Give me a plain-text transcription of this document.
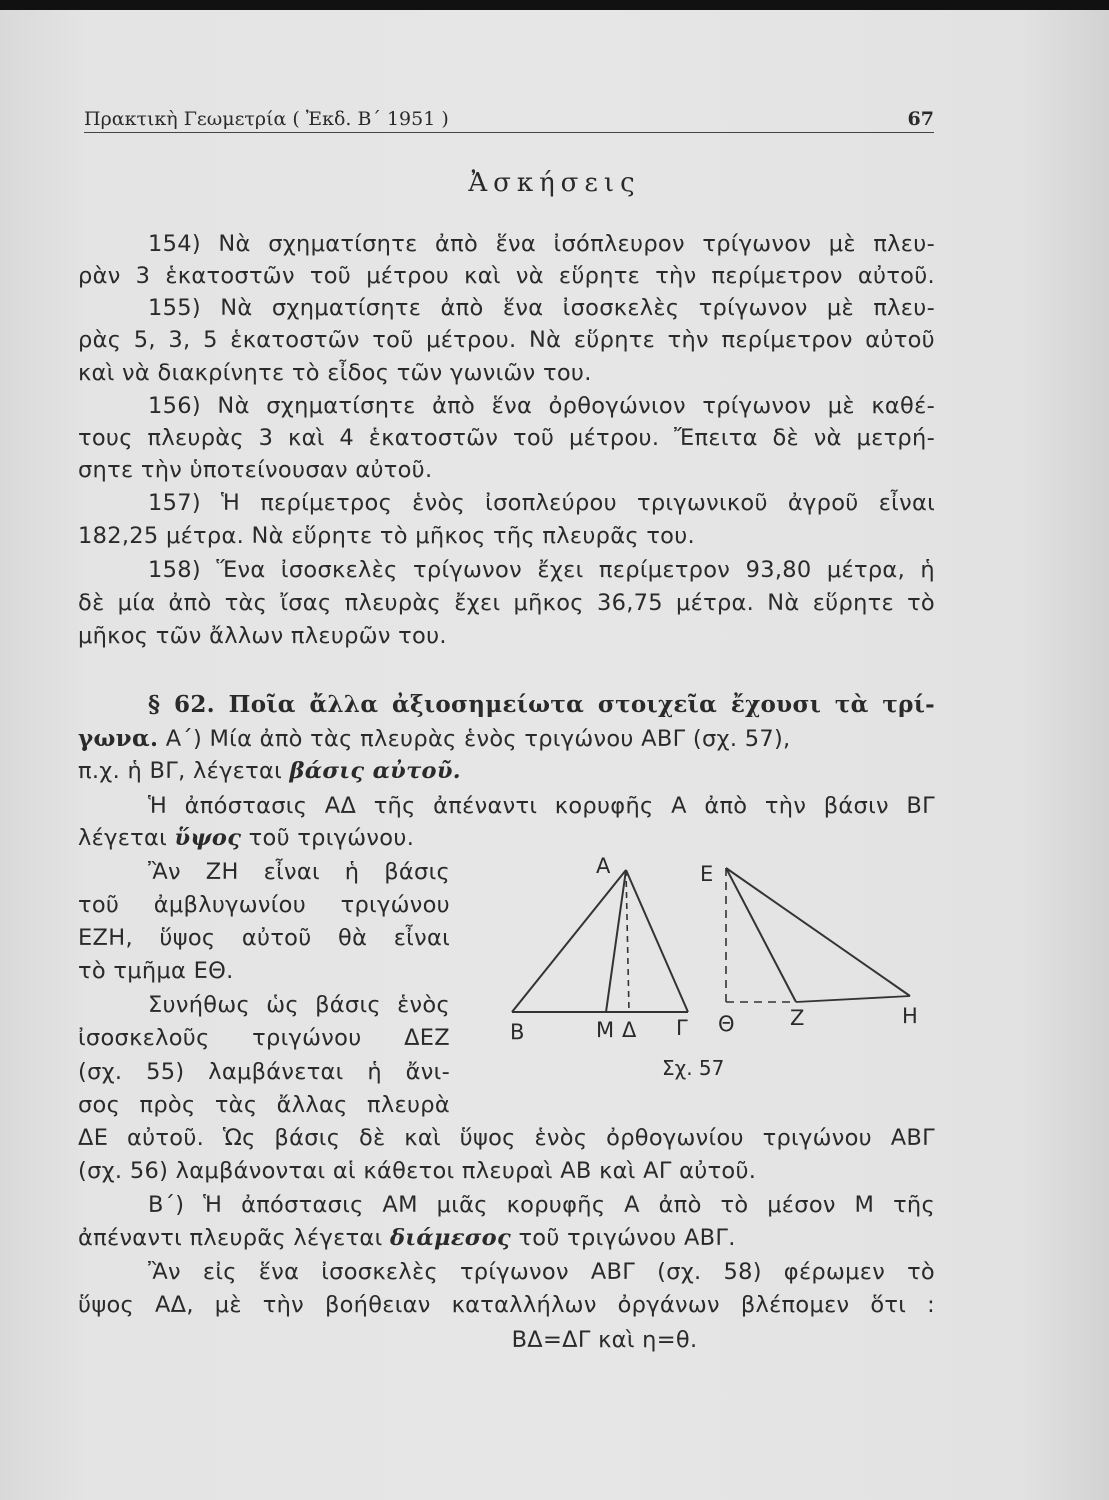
Πρακτικὴ Γεωμετρία ( Ἐκδ. Β΄ 1951 )	67
Ἀσκήσεις
154) Νὰ σχηματίσητε ἀπὸ ἕνα ἰσόπλευρον τρίγωνον μὲ πλευ-
ρὰν 3 ἑκατοστῶν τοῦ μέτρου καὶ νὰ εὕρητε τὴν περίμετρον αὐτοῦ.
155) Νὰ σχηματίσητε ἀπὸ ἕνα ἰσοσκελὲς τρίγωνον μὲ πλευ-
ρὰς 5, 3, 5 ἑκατοστῶν τοῦ μέτρου. Νὰ εὕρητε τὴν περίμετρον αὐτοῦ
καὶ νὰ διακρίνητε τὸ εἶδος τῶν γωνιῶν του.
156) Νὰ σχηματίσητε ἀπὸ ἕνα ὀρθογώνιον τρίγωνον μὲ καθέ-
τους πλευρὰς 3 καὶ 4 ἑκατοστῶν τοῦ μέτρου. Ἔπειτα δὲ νὰ μετρή-
σητε τὴν ὑποτείνουσαν αὐτοῦ.
157) Ἡ περίμετρος ἑνὸς ἰσοπλεύρου τριγωνικοῦ ἀγροῦ εἶναι
182,25 μέτρα. Νὰ εὕρητε τὸ μῆκος τῆς πλευρᾶς του.
158) Ἕνα ἰσοσκελὲς τρίγωνον ἔχει περίμετρον 93,80 μέτρα, ἡ
δὲ μία ἀπὸ τὰς ἴσας πλευρὰς ἔχει μῆκος 36,75 μέτρα. Νὰ εὕρητε τὸ
μῆκος τῶν ἄλλων πλευρῶν του.
§ 62. Ποῖα ἄλλα ἀξιοσημείωτα στοιχεῖα ἔχουσι τὰ τρί-
γωνα. Α΄) Μία ἀπὸ τὰς πλευρὰς ἑνὸς τριγώνου ΑΒΓ (σχ. 57),
π.χ. ἡ ΒΓ, λέγεται βάσις αὐτοῦ.
Ἡ ἀπόστασις ΑΔ τῆς ἀπέναντι κορυφῆς Α ἀπὸ τὴν βάσιν ΒΓ
λέγεται ὕψος τοῦ τριγώνου.
Ἂν ΖΗ εἶναι ἡ βάσις
τοῦ ἀμβλυγωνίου τριγώνου
ΕΖΗ, ὕψος αὐτοῦ θὰ εἶναι
τὸ τμῆμα ΕΘ.
Συνήθως ὡς βάσις ἑνὸς
ἰσοσκελοῦς τριγώνου ΔΕΖ
(σχ. 55) λαμβάνεται ἡ ἄνι-
σος πρὸς τὰς ἄλλας πλευρὰ
ΔΕ αὐτοῦ. Ὡς βάσις δὲ καὶ ὕψος ἑνὸς ὀρθογωνίου τριγώνου ΑΒΓ
(σχ. 56) λαμβάνονται αἱ κάθετοι πλευραὶ ΑΒ καὶ ΑΓ αὐτοῦ.
Β΄) Ἡ ἀπόστασις ΑΜ μιᾶς κορυφῆς Α ἀπὸ τὸ μέσον Μ τῆς
ἀπέναντι πλευρᾶς λέγεται διάμεσος τοῦ τριγώνου ΑΒΓ.
Ἂν εἰς ἕνα ἰσοσκελὲς τρίγωνον ΑΒΓ (σχ. 58) φέρωμεν τὸ
ὕψος ΑΔ, μὲ τὴν βοήθειαν καταλλήλων ὀργάνων βλέπομεν ὅτι :
ΒΔ=ΔΓ καὶ η=θ.
Α
Β	Μ Δ Γ
Ε
Θ	Ζ	Η
Σχ. 57
